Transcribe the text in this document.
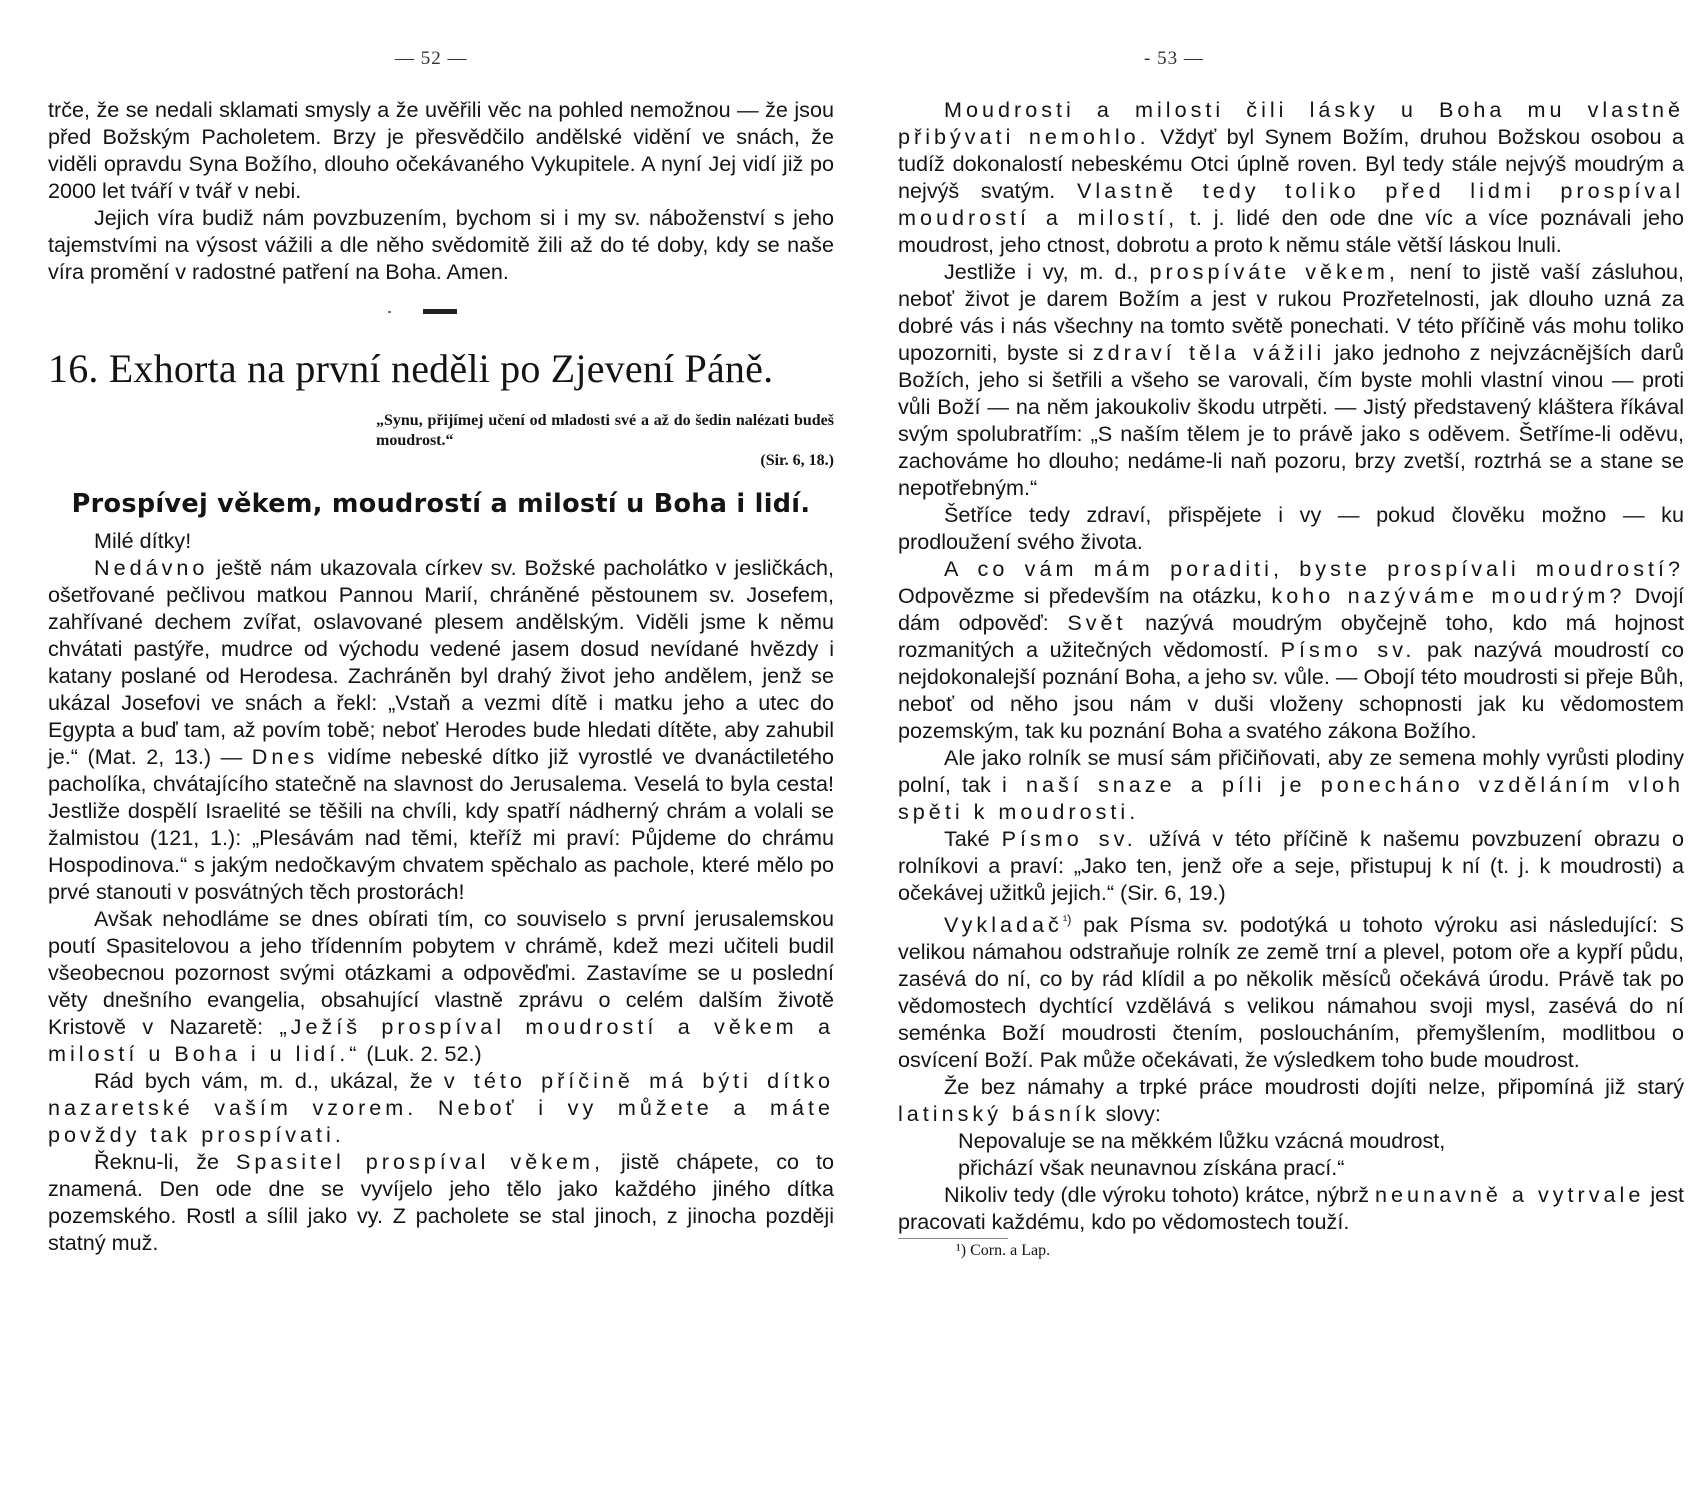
— 52 —

trče, že se nedali sklamati smysly a že uvěřili věc na pohled nemožnou — že jsou před Božským Pacholetem. Brzy je přesvědčilo andělské vidění ve snách, že viděli opravdu Syna Božího, dlouho očekávaného Vykupitele. A nyní Jej vidí již po 2000 let tváří v tvář v nebi.

Jejich víra budiž nám povzbuzením, bychom si i my sv. náboženství s jeho tajemstvími na výsost vážili a dle něho svědomitě žili až do té doby, kdy se naše víra promění v radostné patření na Boha. Amen.

16. Exhorta na první neděli po Zjevení Páně.
„Synu, přijímej učení od mladosti své a až do šedin nalézati budeš moudrost.“
(Sir. 6, 18.)
Prospívej věkem, moudrostí a milostí u Boha i lidí.

Milé dítky!

Nedávno ještě nám ukazovala církev sv. Božské pacholátko v jesličkách, ošetřované pečlivou matkou Pannou Marií, chráněné pěstounem sv. Josefem, zahřívané dechem zvířat, oslavované plesem andělským. Viděli jsme k němu chvátati pastýře, mudrce od východu vedené jasem dosud nevídané hvězdy i katany poslané od Herodesa. Zachráněn byl drahý život jeho andělem, jenž se ukázal Josefovi ve snách a řekl: „Vstaň a vezmi dítě i matku jeho a utec do Egypta a buď tam, až povím tobě; neboť Herodes bude hledati dítěte, aby zahubil je.“ (Mat. 2, 13.) — Dnes vidíme nebeské dítko již vyrostlé ve dvanáctiletého pacholíka, chvátajícího statečně na slavnost do Jerusalema. Veselá to byla cesta! Jestliže dospělí Israelité se těšili na chvíli, kdy spatří nádherný chrám a volali se žalmistou (121, 1.): „Plesávám nad těmi, kteříž mi praví: Půjdeme do chrámu Hospodinova.“ s jakým nedočkavým chvatem spěchalo as pachole, které mělo po prvé stanouti v posvátných těch prostorách!

Avšak nehodláme se dnes obírati tím, co souviselo s první jerusalemskou poutí Spasitelovou a jeho třídenním pobytem v chrámě, kdež mezi učiteli budil všeobecnou pozornost svými otázkami a odpověďmi. Zastavíme se u poslední věty dnešního evangelia, obsahující vlastně zprávu o celém dalším životě Kristově v Nazaretě: „Ježíš prospíval moudrostí a věkem a milostí u Boha i u lidí.“ (Luk. 2. 52.)

Rád bych vám, m. d., ukázal, že v této příčině má býti dítko nazaretské vaším vzorem. Neboť i vy můžete a máte povždy tak prospívati.

Řeknu-li, že Spasitel prospíval věkem, jistě chápete, co to znamená. Den ode dne se vyvíjelo jeho tělo jako každého jiného dítka pozemského. Rostl a sílil jako vy. Z pacholete se stal jinoch, z jinocha později statný muž.

- 53 —

Moudrosti a milosti čili lásky u Boha mu vlastně přibývati nemohlo. Vždyť byl Synem Božím, druhou Božskou osobou a tudíž dokonalostí nebeskému Otci úplně roven. Byl tedy stále nejvýš moudrým a nejvýš svatým. Vlastně tedy toliko před lidmi prospíval moudrostí a milostí, t. j. lidé den ode dne víc a více poznávali jeho moudrost, jeho ctnost, dobrotu a proto k němu stále větší láskou lnuli.

Jestliže i vy, m. d., prospíváte věkem, není to jistě vaší zásluhou, neboť život je darem Božím a jest v rukou Prozřetelnosti, jak dlouho uzná za dobré vás i nás všechny na tomto světě ponechati. V této příčině vás mohu toliko upozorniti, byste si zdraví těla vážili jako jednoho z nejvzácnějších darů Božích, jeho si šetřili a všeho se varovali, čím byste mohli vlastní vinou — proti vůli Boží — na něm jakoukoliv škodu utrpěti. — Jistý představený kláštera říkával svým spolubratřím: „S naším tělem je to právě jako s oděvem. Šetříme-li oděvu, zachováme ho dlouho; nedáme-li naň pozoru, brzy zvetší, roztrhá se a stane se nepotřebným.“

Šetříce tedy zdraví, přispějete i vy — pokud člověku možno — ku prodloužení svého života.

A co vám mám poraditi, byste prospívali moudrostí? Odpovězme si především na otázku, koho nazýváme moudrým? Dvojí dám odpověď: Svět nazývá moudrým obyčejně toho, kdo má hojnost rozmanitých a užitečných vědomostí. Písmo sv. pak nazývá moudrostí co nejdokonalejší poznání Boha, a jeho sv. vůle. — Obojí této moudrosti si přeje Bůh, neboť od něho jsou nám v duši vloženy schopnosti jak ku vědomostem pozemským, tak ku poznání Boha a svatého zákona Božího.

Ale jako rolník se musí sám přičiňovati, aby ze semena mohly vyrůsti plodiny polní, tak i naší snaze a píli je ponecháno vzděláním vloh spěti k moudrosti.

Také Písmo sv. užívá v této příčině k našemu povzbuzení obrazu o rolníkovi a praví: „Jako ten, jenž oře a seje, přistupuj k ní (t. j. k moudrosti) a očekávej užitků jejich.“ (Sir. 6, 19.)

Vykladač$^{^1)}$ pak Písma sv. podotýká u tohoto výroku asi následující: S velikou námahou odstraňuje rolník ze země trní a plevel, potom oře a kypří půdu, zasévá do ní, co by rád klídil a po několik měsíců očekává úrodu. Právě tak po vědomostech dychtící vzdělává s velikou námahou svoji mysl, zasévá do ní seménka Boží moudrosti čtením, posloucháním, přemyšlením, modlitbou o osvícení Boží. Pak může očekávati, že výsledkem toho bude moudrost.

Že bez námahy a trpké práce moudrosti dojíti nelze, připomíná již starý latinský básník slovy:

Nepovaluje se na měkkém lůžku vzácná moudrost,
přichází však neunavnou získána prací.“

Nikoliv tedy (dle výroku tohoto) krátce, nýbrž neunavně a vytrvale jest pracovati každému, kdo po vědomostech touží.

¹) Corn. a Lap.
